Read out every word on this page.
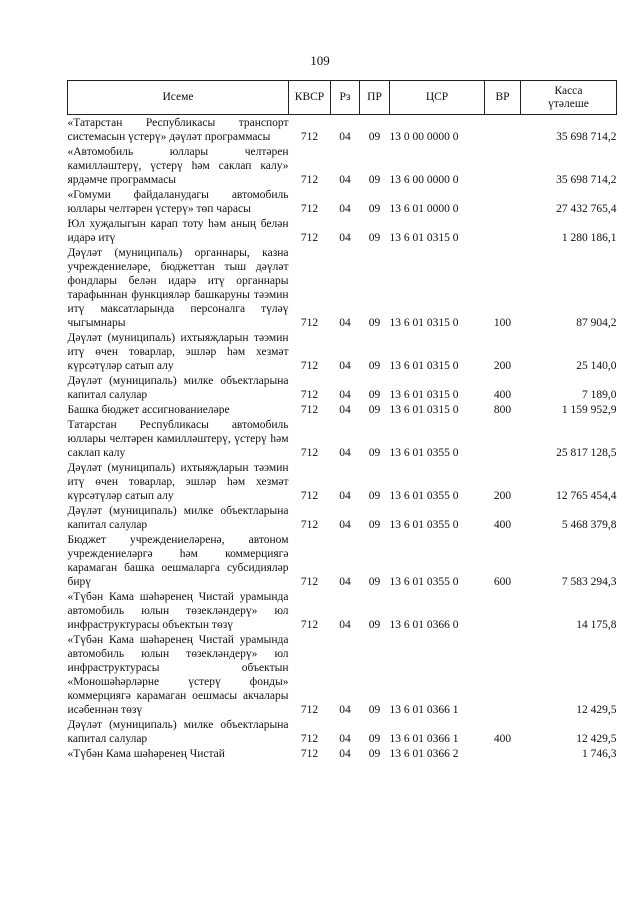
109
Исеме	КВСР	Рз	ПР	ЦСР	ВР	Касса
үтәлеше

«Татарстан Республикасы транспорт системасын үстерү» дәүләт программасы	712	04	09	13 0 00 0000 0		35 698 714,2
«Автомобиль юллары челтәрен камилләштерү, үстерү һәм саклап калу» ярдәмче программасы	712	04	09	13 6 00 0000 0		35 698 714,2
«Гомуми файдаланудагы автомобиль юллары челтәрен үстерү» төп чарасы	712	04	09	13 6 01 0000 0		27 432 765,4
Юл хуҗалыгын карап тоту һәм аның белән идарә итү	712	04	09	13 6 01 0315 0		1 280 186,1
Дәүләт (муниципаль) органнары, казна учреждениеләре, бюджеттан тыш дәүләт фондлары белән идарә итү органнары тарафыннан функцияләр башкаруны тәэмин итү максатларында персоналга түләү чыгымнары	712	04	09	13 6 01 0315 0	100	87 904,2
Дәүләт (муниципаль) ихтыяҗларын тәэмин итү өчен товарлар, эшләр һәм хезмәт күрсәтүләр сатып алу	712	04	09	13 6 01 0315 0	200	25 140,0
Дәүләт (муниципаль) милке объектларына капитал салулар	712	04	09	13 6 01 0315 0	400	7 189,0
Башка бюджет ассигнованиеләре	712	04	09	13 6 01 0315 0	800	1 159 952,9
Татарстан Республикасы автомобиль юллары челтәрен камилләштерү, үстерү һәм саклап калу	712	04	09	13 6 01 0355 0		25 817 128,5
Дәүләт (муниципаль) ихтыяҗларын тәэмин итү өчен товарлар, эшләр һәм хезмәт күрсәтүләр сатып алу	712	04	09	13 6 01 0355 0	200	12 765 454,4
Дәүләт (муниципаль) милке объектларына капитал салулар	712	04	09	13 6 01 0355 0	400	5 468 379,8
Бюджет учреждениеләренә, автоном учреждениеләргә һәм коммерциягә карамаган башка оешмаларга субсидияләр бирү	712	04	09	13 6 01 0355 0	600	7 583 294,3
«Түбән Кама шәһәренең Чистай урамында автомобиль юлын төзекләндерү» юл инфраструктурасы объектын төзү	712	04	09	13 6 01 0366 0		14 175,8
«Түбән Кама шәһәренең Чистай урамында автомобиль юлын төзекләндерү» юл инфраструктурасы объектын «Моношәһәрләрне үстерү фонды» коммерциягә карамаган оешмасы акчалары исәбеннән төзү	712	04	09	13 6 01 0366 1		12 429,5
Дәүләт (муниципаль) милке объектларына капитал салулар	712	04	09	13 6 01 0366 1	400	12 429,5
«Түбән Кама шәһәренең Чистай	712	04	09	13 6 01 0366 2		1 746,3
